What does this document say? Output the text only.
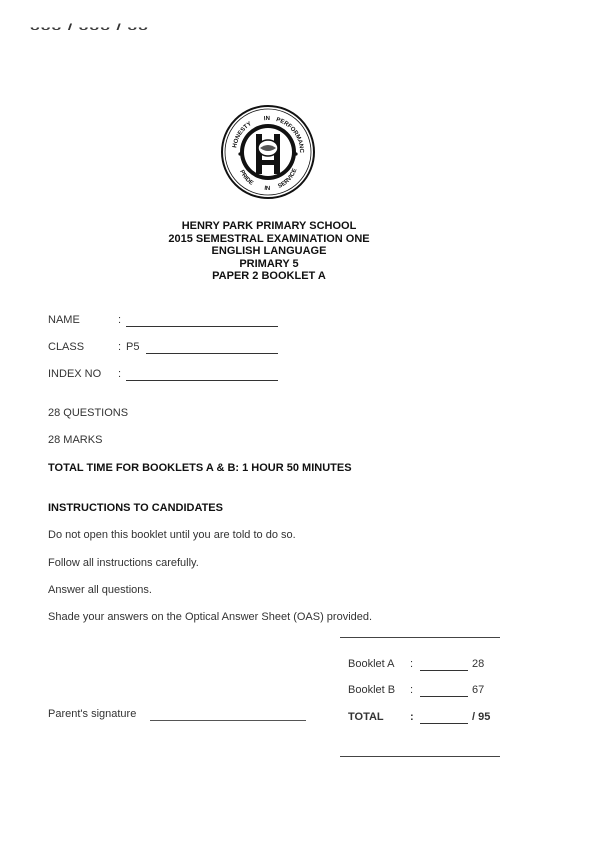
ᴗᴗᴗ / ᴗᴗᴗ / ᴗᴗ
HONESTY
IN PERFORMANC
PRIDE
IN SERVICE
HENRY PARK PRIMARY SCHOOL
2015 SEMESTRAL EXAMINATION ONE
ENGLISH LANGUAGE
PRIMARY 5
PAPER 2 BOOKLET A
NAME	:
CLASS	: P5
INDEX NO	:
28 QUESTIONS
28 MARKS
TOTAL TIME FOR BOOKLETS A & B: 1 HOUR 50 MINUTES
INSTRUCTIONS TO CANDIDATES
Do not open this booklet until you are told to do so.
Follow all instructions carefully.
Answer all questions.
Shade your answers on the Optical Answer Sheet (OAS) provided.
Parent's signature
Booklet A :	28
Booklet B :	67
TOTAL :	/ 95
